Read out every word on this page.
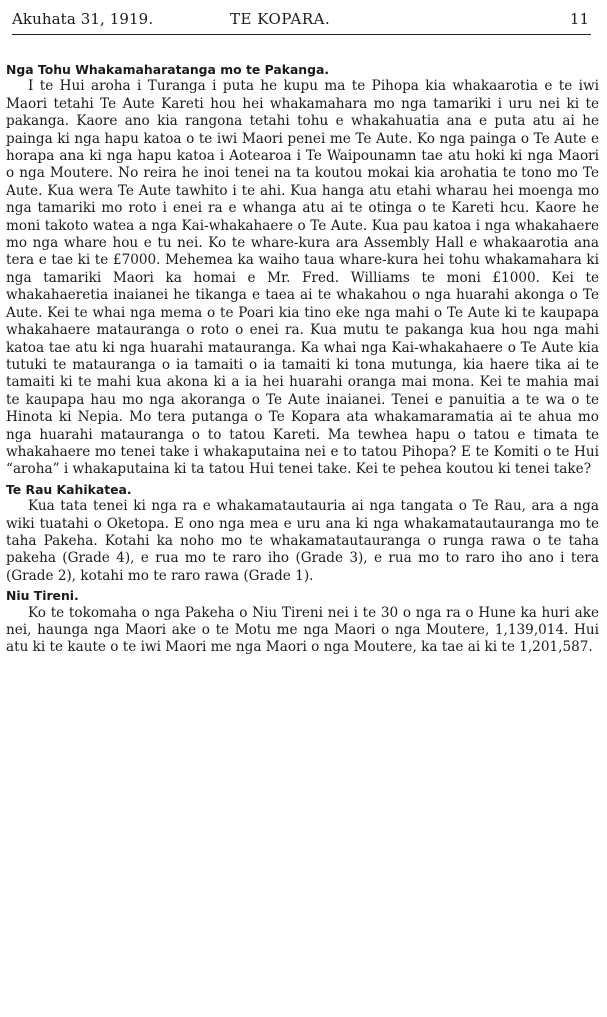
Akuhata 31, 1919.	TE KOPARA.	11
Nga Tohu Whakamaharatanga mo te Pakanga.

I te Hui aroha i Turanga i puta he kupu ma te Pihopa kia whakaarotia e te iwi Maori tetahi Te Aute Kareti hou hei whakamahara mo nga tamariki i uru nei ki te pakanga. Kaore ano kia rangona tetahi tohu e whakahuatia ana e puta atu ai he painga ki nga hapu katoa o te iwi Maori penei me Te Aute. Ko nga painga o Te Aute e horapa ana ki nga hapu katoa i Aotearoa i Te Waipounamn tae atu hoki ki nga Maori o nga Moutere. No reira he inoi tenei na ta koutou mokai kia arohatia te tono mo Te Aute. Kua wera Te Aute tawhito i te ahi. Kua hanga atu etahi wharau hei moenga mo nga tamariki mo roto i enei ra e whanga atu ai te otinga o te Kareti hcu. Kaore he moni takoto watea a nga Kai-whakahaere o Te Aute. Kua pau katoa i nga whakahaere mo nga whare hou e tu nei. Ko te whare-kura ara Assembly Hall e whakaarotia ana tera e tae ki te £7000. Mehemea ka waiho taua whare-kura hei tohu whakamahara ki nga tamariki Maori ka homai e Mr. Fred. Williams te moni £1000. Kei te whakahaeretia inaianei he tikanga e taea ai te whakahou o nga huarahi akonga o Te Aute. Kei te whai nga mema o te Poari kia tino eke nga mahi o Te Aute ki te kaupapa whakahaere matauranga o roto o enei ra. Kua mutu te pakanga kua hou nga mahi katoa tae atu ki nga huarahi matauranga. Ka whai nga Kai-whakahaere o Te Aute kia tutuki te matauranga o ia tamaiti o ia tamaiti ki tona mutunga, kia haere tika ai te tamaiti ki te mahi kua akona ki a ia hei huarahi oranga mai mona. Kei te mahia mai te kaupapa hau mo nga akoranga o Te Aute inaianei. Tenei e panuitia a te wa o te Hinota ki Nepia. Mo tera putanga o Te Kopara ata whakamaramatia ai te ahua mo nga huarahi matauranga o to tatou Kareti. Ma tewhea hapu o tatou e timata te whakahaere mo tenei take i whakaputaina nei e to tatou Pihopa? E te Komiti o te Hui “aroha” i whakaputaina ki ta tatou Hui tenei take. Kei te pehea koutou ki tenei take?

Te Rau Kahikatea.

Kua tata tenei ki nga ra e whakamatautauria ai nga tangata o Te Rau, ara a nga wiki tuatahi o Oketopa. E ono nga mea e uru ana ki nga whakamatautauranga mo te taha Pakeha. Kotahi ka noho mo te whakamatautauranga o runga rawa o te taha pakeha (Grade 4), e rua mo te raro iho (Grade 3), e rua mo to raro iho ano i tera (Grade 2), kotahi mo te raro rawa (Grade 1).

Niu Tireni.

Ko te tokomaha o nga Pakeha o Niu Tireni nei i te 30 o nga ra o Hune ka huri ake nei, haunga nga Maori ake o te Motu me nga Maori o nga Moutere, 1,139,014. Hui atu ki te kaute o te iwi Maori me nga Maori o nga Moutere, ka tae ai ki te 1,201,587.
